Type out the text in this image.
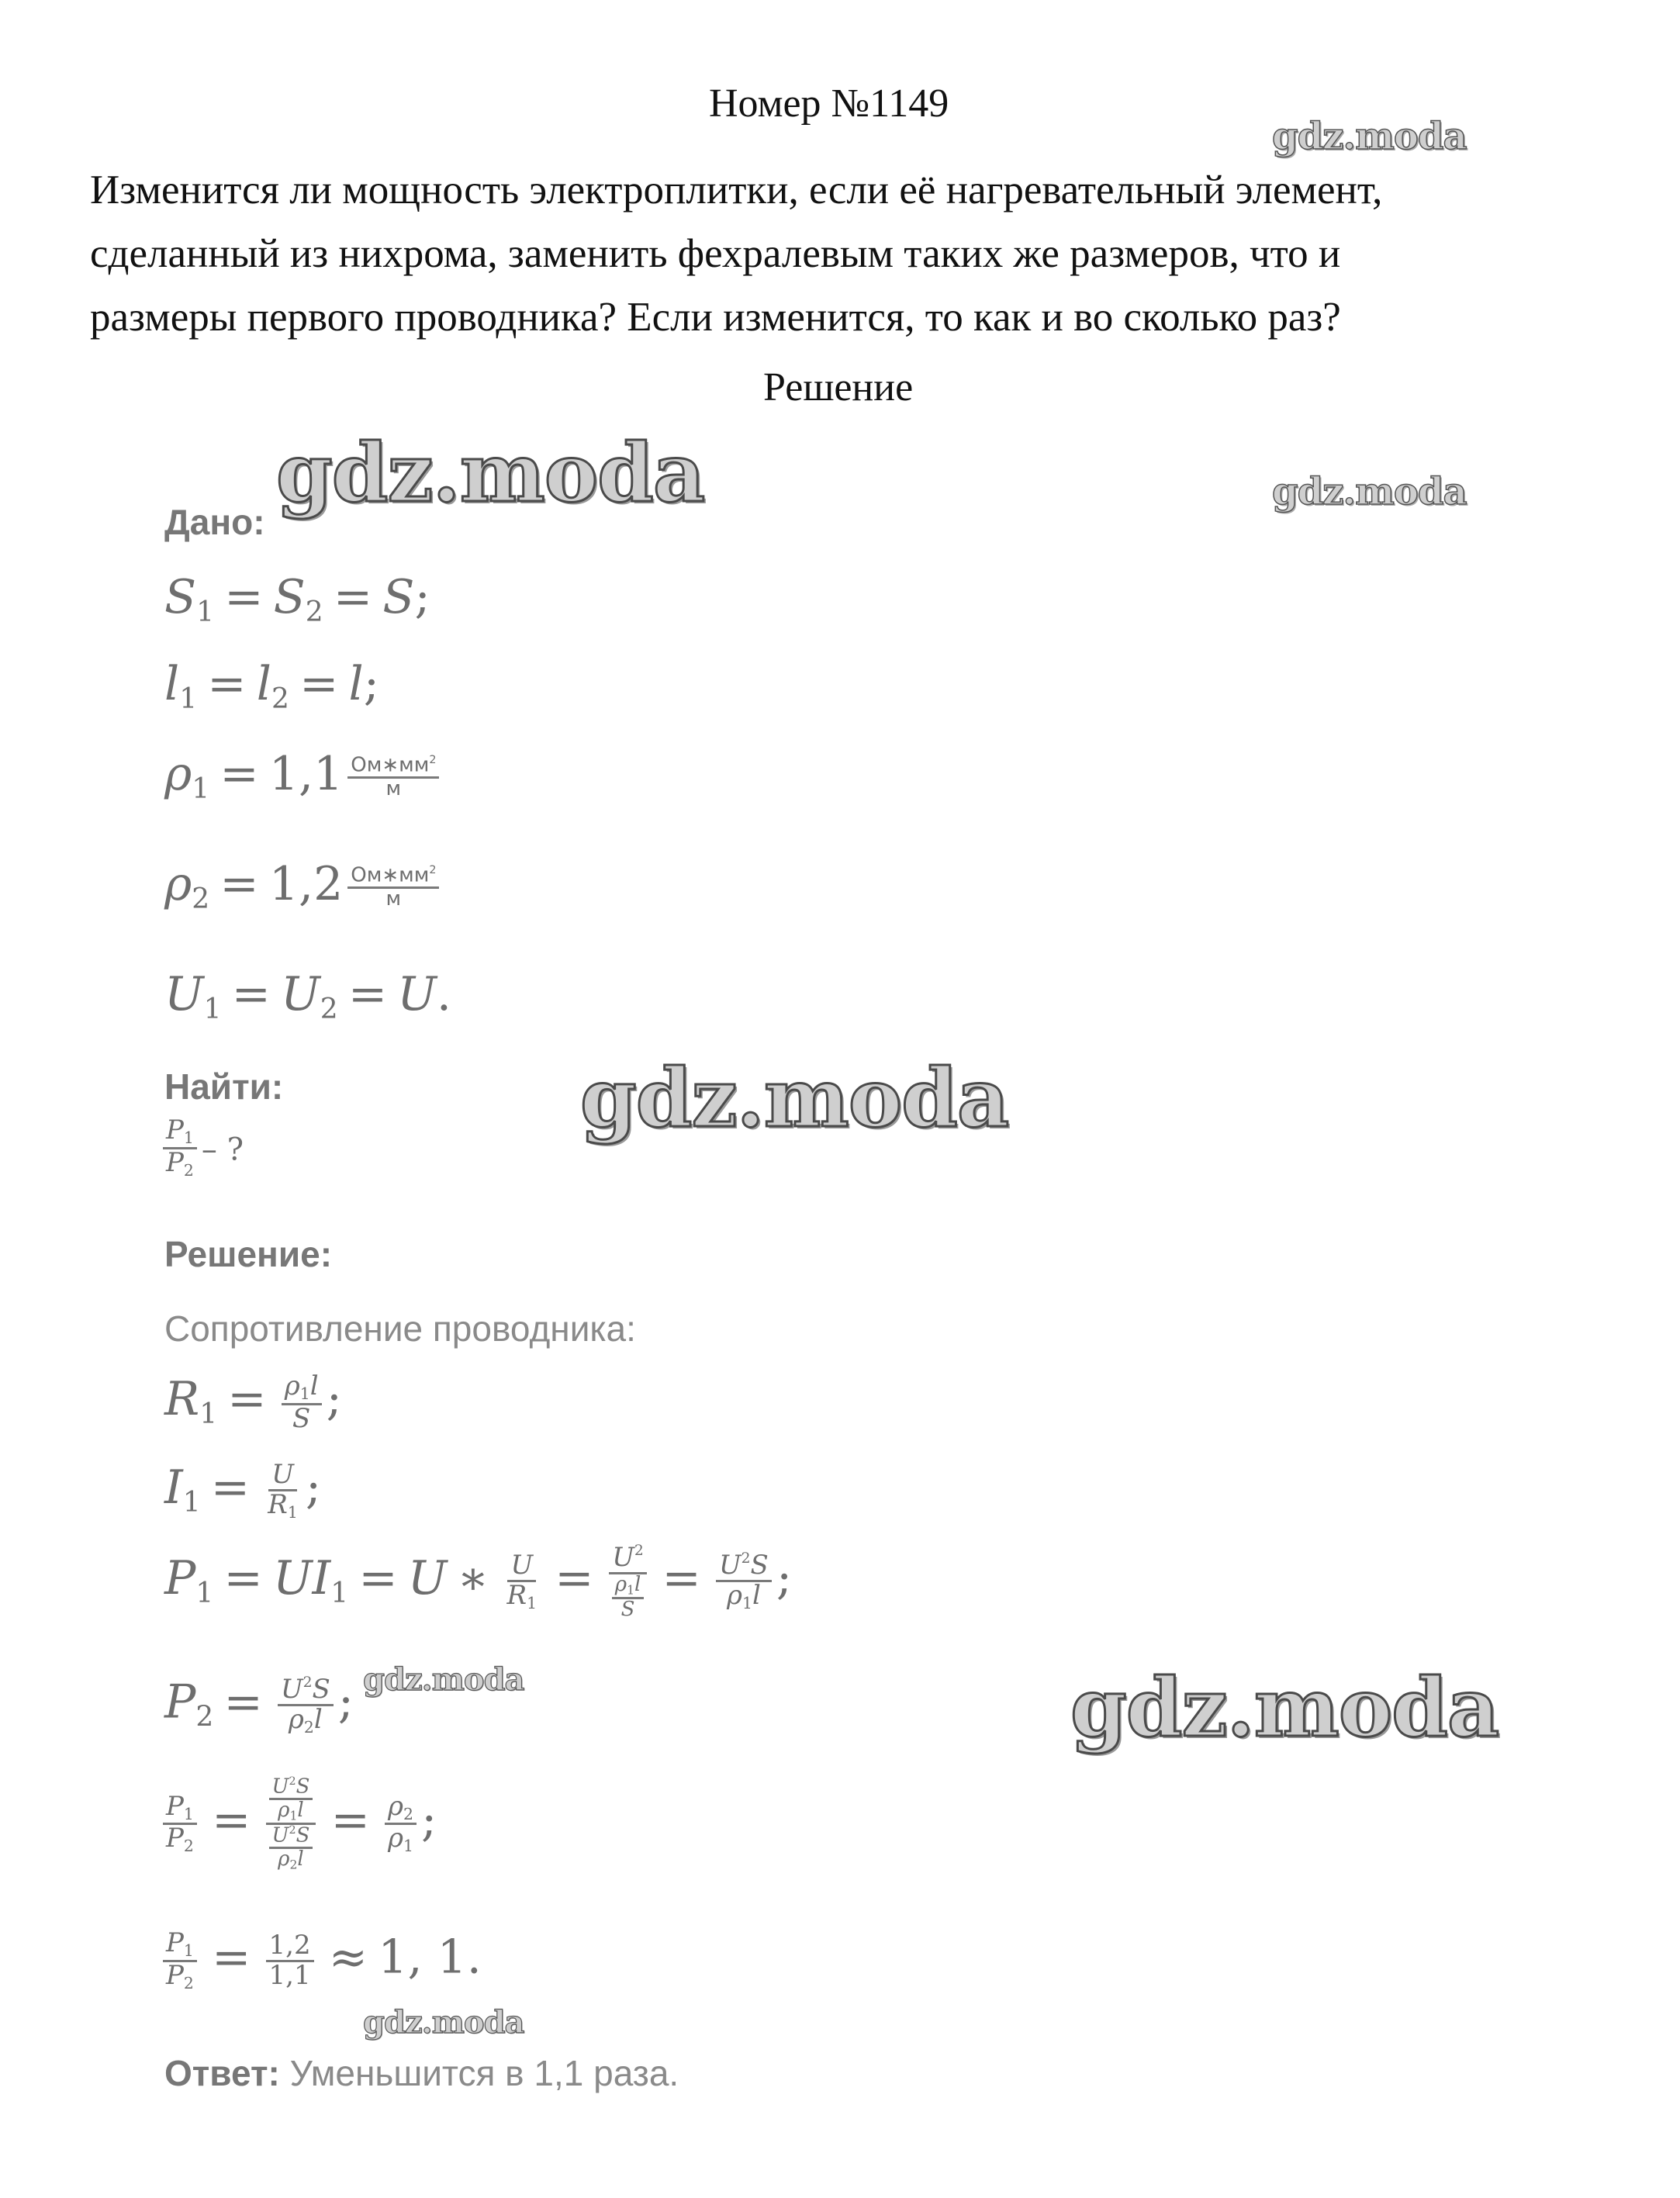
Номер №1149
Изменится ли мощность электроплитки, если её нагревательный элемент,
сделанный из нихрома, заменить фехралевым таких же размеров, что и
размеры первого проводника? Если изменится, то как и во сколько раз?
Решение
Дано:
$S_1 = S_2 = S$;
$l_1 = l_2 = l$;
$\rho_1 = 1,1 \frac{Ом∗мм^2}{м}$
$\rho_2 = 1,2 \frac{Ом∗мм^2}{м}$
$U_1 = U_2 = U$.
Найти:
$\frac{P_1}{P_2}$ – ?
Решение:
Сопротивление проводника:
$R_1 = \frac{\rho_1l}{S}$ ;
$I_1 = \frac{U}{R_1}$ ;
$P_1 = UI_1 = U$ ∗ $\frac{U}{R_1} = \frac{U^2}{\frac{\rho_1l}{S}} = \frac{U^2S}{\rho_1l}$ ;
$P_2 = \frac{U^2S}{\rho_2l}$ ;
$\frac{P_1}{P_2} = \frac{\frac{U^2S}{\rho_1l}}{\frac{U^2S}{\rho_2l}} = \frac{\rho_2}{\rho_1}$ ;
$\frac{P_1}{P_2} = \frac{1,2}{1,1} \approx 1$, 1.
Ответ: Уменьшится в 1,1 раза.
gdz.moda
gdz.moda	gdz.moda
gdz.moda
gdz.moda	gdz.moda
gdz.moda
